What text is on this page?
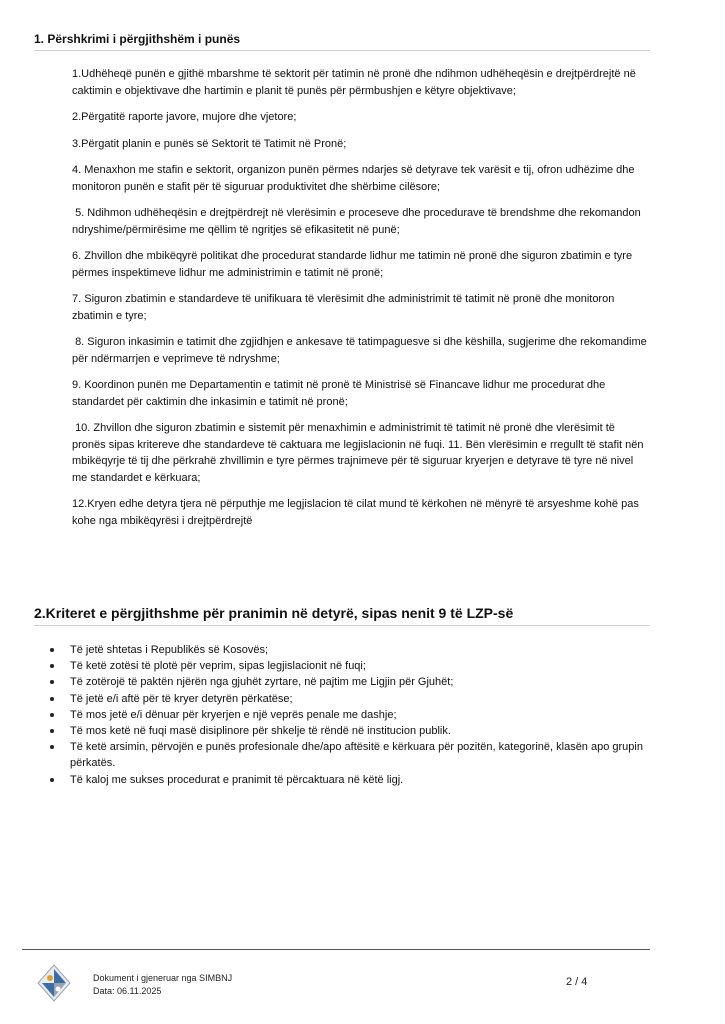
1. Përshkrimi i përgjithshëm i punës

1.Udhëheqë punën e gjithë mbarshme të sektorit për tatimin në pronë dhe ndihmon udhëheqësin e drejtpërdrejtë në caktimin e objektivave dhe hartimin e planit të punës për përmbushjen e këtyre objektivave;

2.Përgatitë raporte javore, mujore dhe vjetore;

3.Përgatit planin e punës së Sektorit të Tatimit në Pronë;

4. Menaxhon me stafin e sektorit, organizon punën përmes ndarjes së detyrave tek varësit e tij, ofron udhëzime dhe monitoron punën e stafit për të siguruar produktivitet dhe shërbime cilësore;

5. Ndihmon udhëheqësin e drejtpërdrejt në vlerësimin e proceseve dhe procedurave të brendshme dhe rekomandon ndryshime/përmirësime me qëllim të ngritjes së efikasitetit në punë;

6. Zhvillon dhe mbikëqyrë politikat dhe procedurat standarde lidhur me tatimin në pronë dhe siguron zbatimin e tyre përmes inspektimeve lidhur me administrimin e tatimit në pronë;

7. Siguron zbatimin e standardeve të unifikuara të vlerësimit dhe administrimit të tatimit në pronë dhe monitoron zbatimin e tyre;

8. Siguron inkasimin e tatimit dhe zgjidhjen e ankesave të tatimpaguesve si dhe këshilla, sugjerime dhe rekomandime për ndërmarrjen e veprimeve të ndryshme;

9. Koordinon punën me Departamentin e tatimit në pronë të Ministrisë së Financave lidhur me procedurat dhe standardet për caktimin dhe inkasimin e tatimit në pronë;

10. Zhvillon dhe siguron zbatimin e sistemit për menaxhimin e administrimit të tatimit në pronë dhe vlerësimit të pronës sipas kritereve dhe standardeve të caktuara me legjislacionin në fuqi. 11. Bën vlerësimin e rregullt të stafit nën mbikëqyrje të tij dhe përkrahë zhvillimin e tyre përmes trajnimeve për të siguruar kryerjen e detyrave të tyre në nivel me standardet e kërkuara;

12.Kryen edhe detyra tjera në përputhje me legjislacion të cilat mund të kërkohen në mënyrë të arsyeshme kohë pas kohe nga mbikëqyrësi i drejtpërdrejtë

2.Kriteret e përgjithshme për pranimin në detyrë, sipas nenit 9 të LZP-së
Të jetë shtetas i Republikës së Kosovës;
Të ketë zotësi të plotë për veprim, sipas legjislacionit në fuqi;
Të zotërojë të paktën njërën nga gjuhët zyrtare, në pajtim me Ligjin për Gjuhët;
Të jetë e/i aftë për të kryer detyrën përkatëse;
Të mos jetë e/i dënuar për kryerjen e një veprës penale me dashje;
Të mos ketë në fuqi masë disiplinore për shkelje të rëndë në institucion publik.
Të ketë arsimin, përvojën e punës profesionale dhe/apo aftësitë e kërkuara për pozitën, kategorinë, klasën apo grupin përkatës.
Të kaloj me sukses procedurat e pranimit të përcaktuara në këtë ligj.
Dokument i gjeneruar nga SIMBNJ
Data: 06.11.2025
2 / 4
